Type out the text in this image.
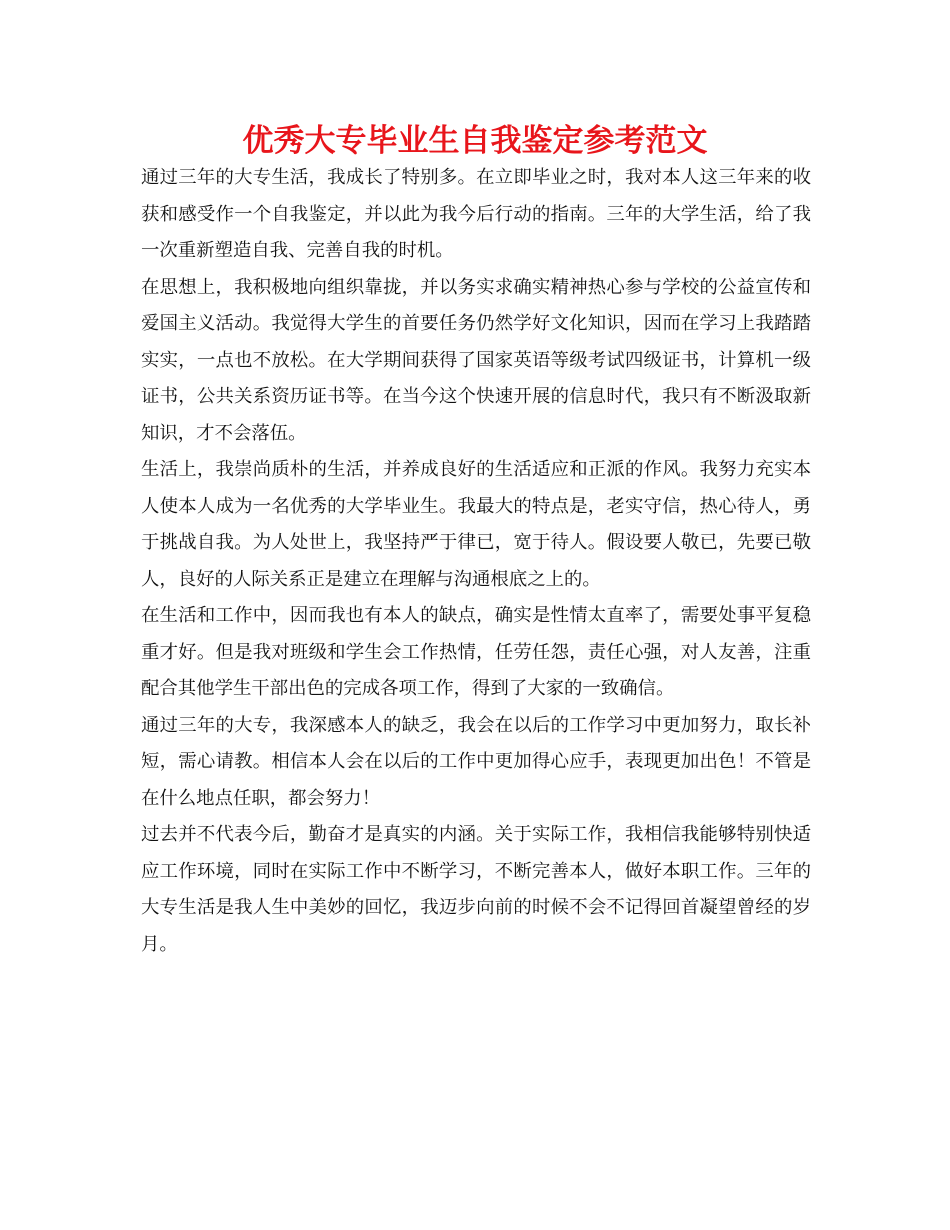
优秀大专毕业生自我鉴定参考范文

通过三年的大专生活，我成长了特别多。在立即毕业之时，我对本人这三年来的收获和感受作一个自我鉴定，并以此为我今后行动的指南。三年的大学生活，给了我一次重新塑造自我、完善自我的时机。

在思想上，我积极地向组织靠拢，并以务实求确实精神热心参与学校的公益宣传和爱国主义活动。我觉得大学生的首要任务仍然学好文化知识，因而在学习上我踏踏实实，一点也不放松。在大学期间获得了国家英语等级考试四级证书，计算机一级证书，公共关系资历证书等。在当今这个快速开展的信息时代，我只有不断汲取新知识，才不会落伍。

生活上，我崇尚质朴的生活，并养成良好的生活适应和正派的作风。我努力充实本人使本人成为一名优秀的大学毕业生。我最大的特点是，老实守信，热心待人，勇于挑战自我。为人处世上，我坚持严于律已，宽于待人。假设要人敬已，先要已敬人，良好的人际关系正是建立在理解与沟通根底之上的。

在生活和工作中，因而我也有本人的缺点，确实是性情太直率了，需要处事平复稳重才好。但是我对班级和学生会工作热情，任劳任怨，责任心强，对人友善，注重配合其他学生干部出色的完成各项工作，得到了大家的一致确信。

通过三年的大专，我深感本人的缺乏，我会在以后的工作学习中更加努力，取长补短，需心请教。相信本人会在以后的工作中更加得心应手，表现更加出色！不管是在什么地点任职，都会努力！

过去并不代表今后，勤奋才是真实的内涵。关于实际工作，我相信我能够特别快适应工作环境，同时在实际工作中不断学习，不断完善本人，做好本职工作。三年的大专生活是我人生中美妙的回忆，我迈步向前的时候不会不记得回首凝望曾经的岁月。
